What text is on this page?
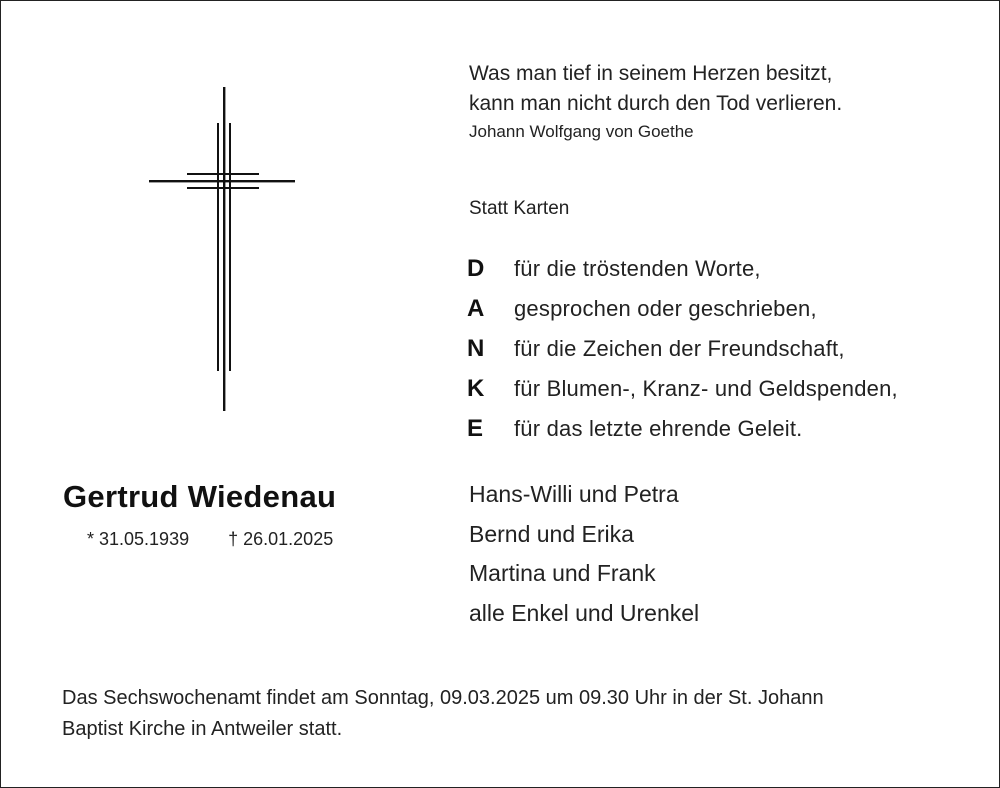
Was man tief in seinem Herzen besitzt,
kann man nicht durch den Tod verlieren.
Johann Wolfgang von Goethe
Statt Karten
D	für die tröstenden Worte,
A	gesprochen oder geschrieben,
N	für die Zeichen der Freundschaft,
K	für Blumen-, Kranz- und Geldspenden,
E	für das letzte ehrende Geleit.
Gertrud Wiedenau
* 31.05.1939 † 26.01.2025
Hans-Willi und Petra
Bernd und Erika
Martina und Frank
alle Enkel und Urenkel
Das Sechswochenamt findet am Sonntag, 09.03.2025 um 09.30 Uhr in der St. Johann
Baptist Kirche in Antweiler statt.
